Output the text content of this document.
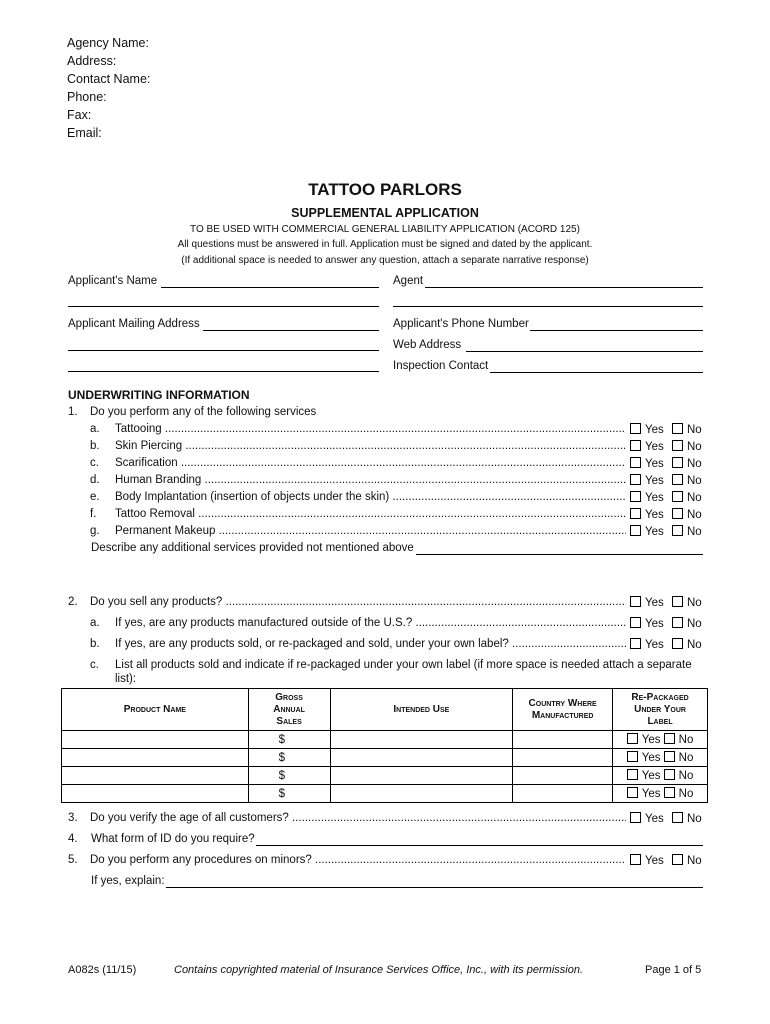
Agency Name:
Address:
Contact Name:
Phone:
Fax:
Email:
TATTOO PARLORS
SUPPLEMENTAL APPLICATION
TO BE USED WITH COMMERCIAL GENERAL LIABILITY APPLICATION (ACORD 125)
All questions must be answered in full. Application must be signed and dated by the applicant.
(If additional space is needed to answer any question, attach a separate narrative response)
Applicant's Name	Agent
Applicant Mailing Address	Applicant's Phone Number
Web Address
Inspection Contact
UNDERWRITING INFORMATION
1. Do you perform any of the following services
a. Tattooing .....	Yes No
b. Skin Piercing .....	Yes No
c. Scarification .....	Yes No
d. Human Branding .....	Yes No
e. Body Implantation (insertion of objects under the skin) .....	Yes No
f. Tattoo Removal .....	Yes No
g. Permanent Makeup .....	Yes No
Describe any additional services provided not mentioned above
2. Do you sell any products? .....	Yes No
a. If yes, are any products manufactured outside of the U.S.? .....	Yes No
b. If yes, are any products sold, or re-packaged and sold, under your own label? .....	Yes No
c. List all products sold and indicate if re-packaged under your own label (if more space is needed attach a separate
list):
Product Name	Gross
Annual
Sales	Intended Use	Country Where
Manufactured	Re-Packaged
Under Your
Label
	$			Yes No
	$			Yes No
	$			Yes No
	$			Yes No
3. Do you verify the age of all customers? .....	Yes No
4. What form of ID do you require?
5. Do you perform any procedures on minors? .....	Yes No
If yes, explain:
A082s (11/15)	Contains copyrighted material of Insurance Services Office, Inc., with its permission.	Page 1 of 5
